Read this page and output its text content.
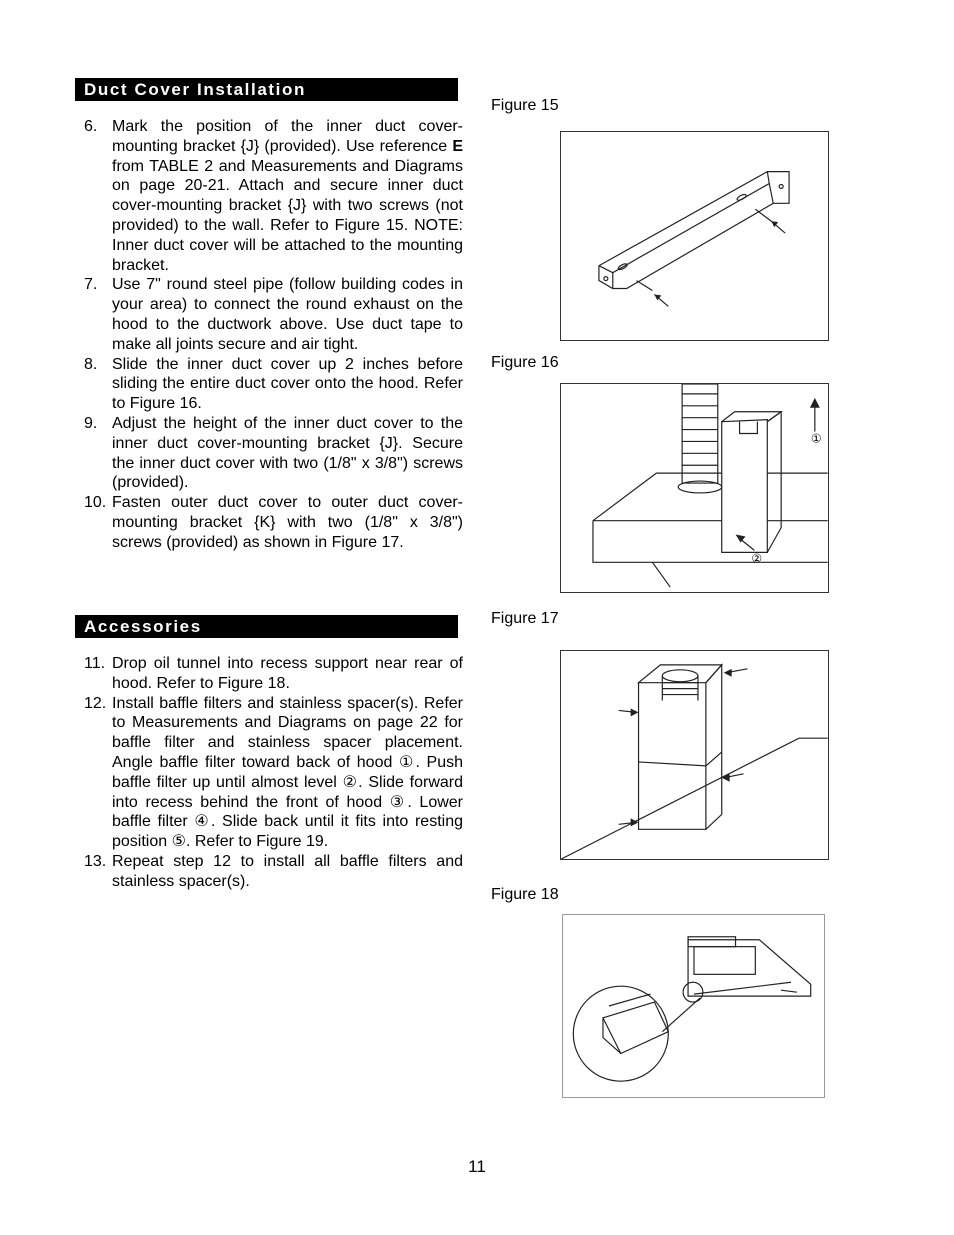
Duct Cover Installation
6. Mark the position of the inner duct cover-mounting bracket {J} (provided). Use reference E from TABLE 2 and Measurements and Diagrams on page 20-21. Attach and secure inner duct cover-mounting bracket {J} with two screws (not provided) to the wall. Refer to Figure 15. NOTE: Inner duct cover will be attached to the mounting bracket.
7. Use 7" round steel pipe (follow building codes in your area) to connect the round exhaust on the hood to the ductwork above. Use duct tape to make all joints secure and air tight.
8. Slide the inner duct cover up 2 inches before sliding the entire duct cover onto the hood. Refer to Figure 16.
9. Adjust the height of the inner duct cover to the inner duct cover-mounting bracket {J}. Secure the inner duct cover with two (1/8" x 3/8") screws (provided).
10. Fasten outer duct cover to outer duct cover-mounting bracket {K} with two (1/8" x 3/8") screws (provided) as shown in Figure 17.
Accessories
11. Drop oil tunnel into recess support near rear of hood. Refer to Figure 18.
12. Install baffle filters and stainless spacer(s). Refer to Measurements and Diagrams on page 22 for baffle filter and stainless spacer placement. Angle baffle filter toward back of hood ①. Push baffle filter up until almost level ②. Slide forward into recess behind the front of hood ③. Lower baffle filter ④. Slide back until it fits into resting position ⑤. Refer to Figure 19.
13. Repeat step 12 to install all baffle filters and stainless spacer(s).
Figure 15
Figure 16
①
②
Figure 17
Figure 18
11
